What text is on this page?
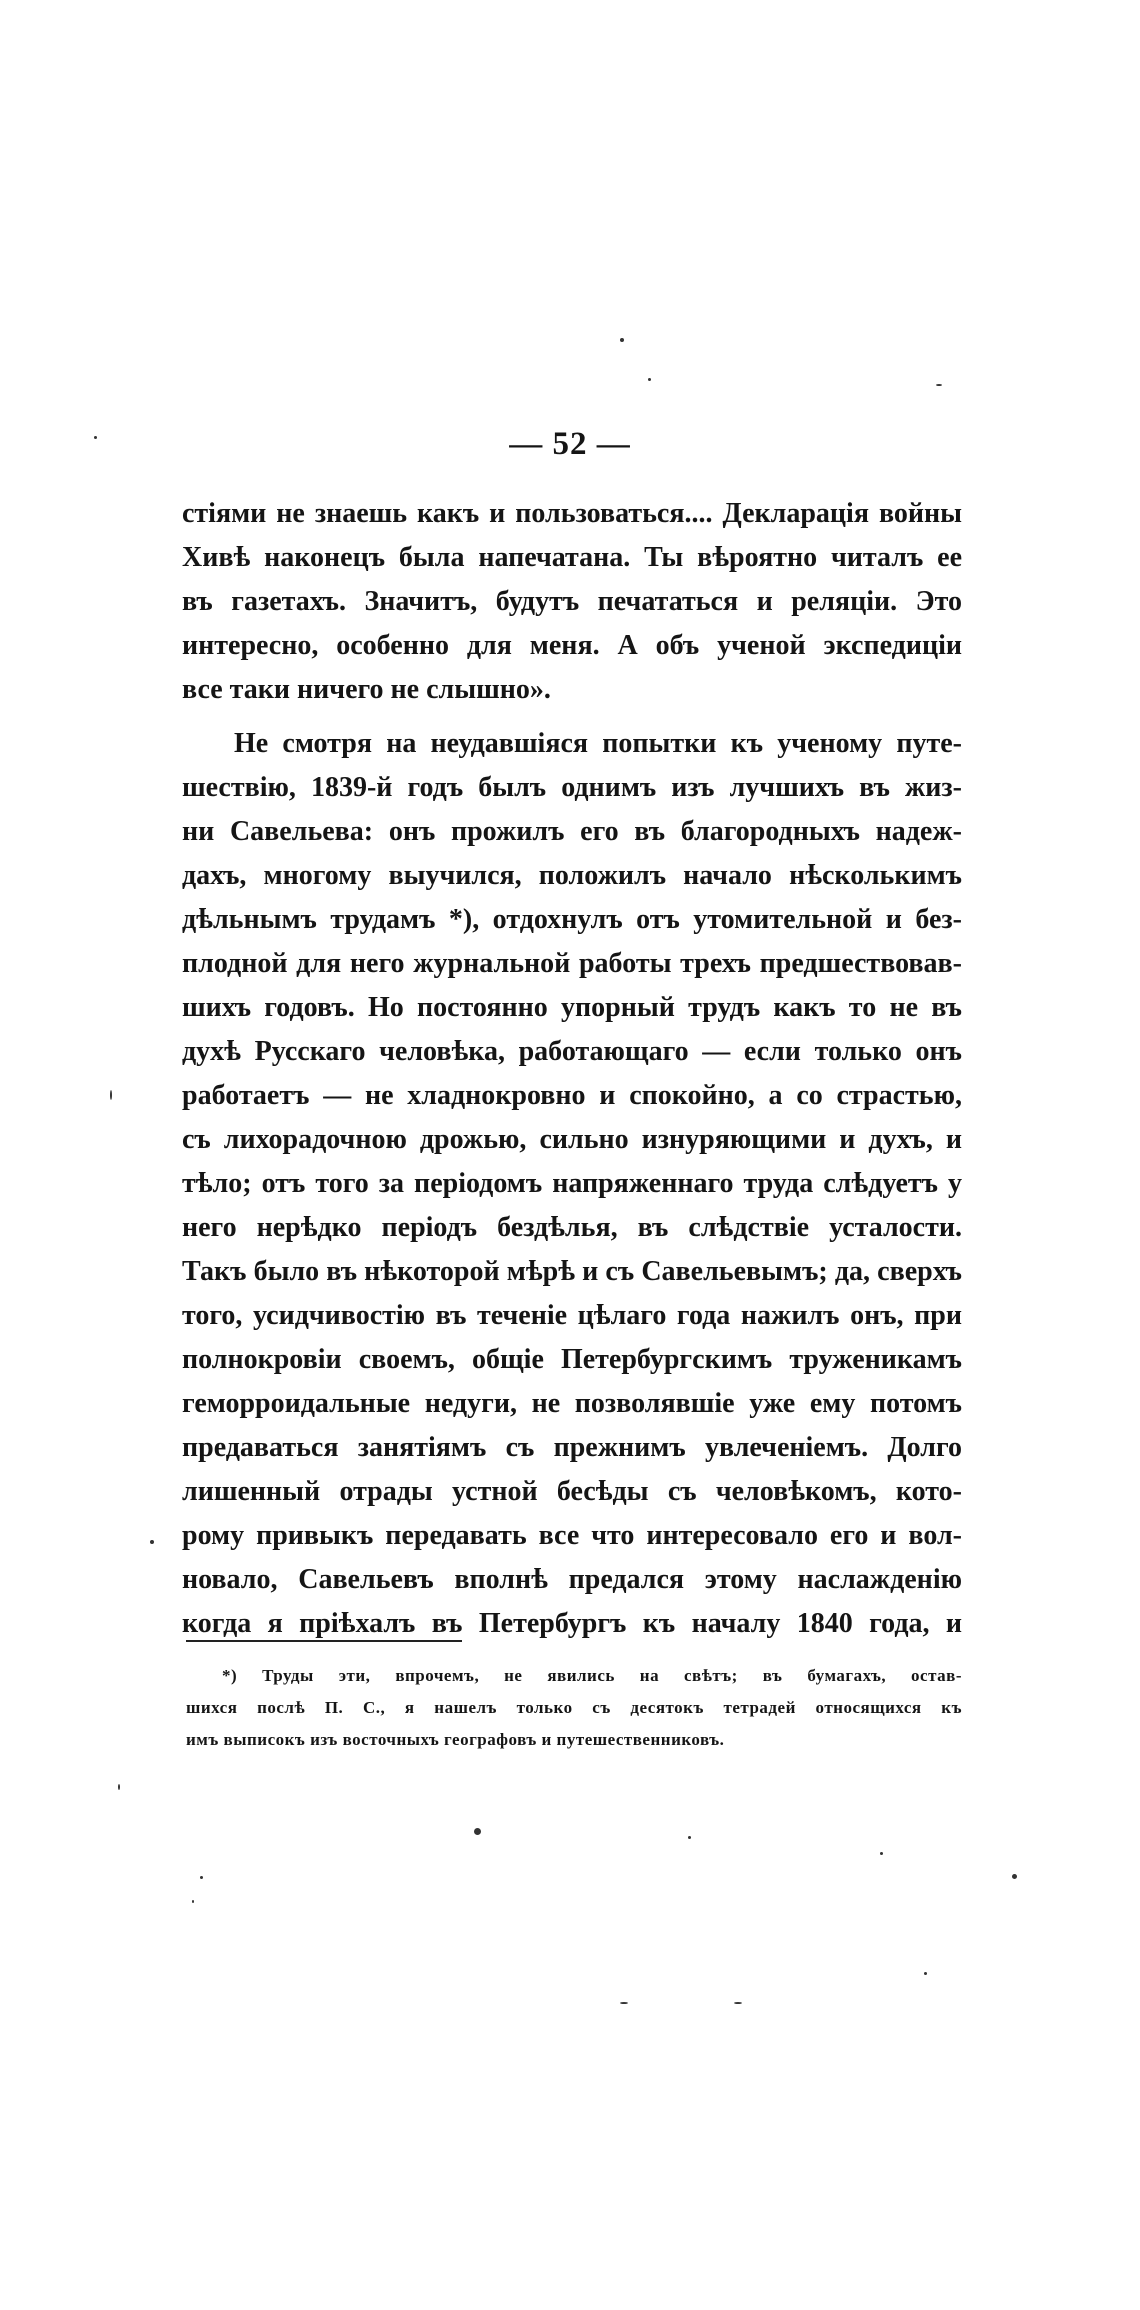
— 52 —
стіями не знаешь какъ и пользоваться.... Декларація войны
Хивѣ наконецъ была напечатана. Ты вѣроятно читалъ ее
въ газетахъ. Значитъ, будутъ печататься и реляціи. Это
интересно, особенно для меня. А объ ученой экспедиціи
все таки ничего не слышно».
Не смотря на неудавшіяся попытки къ ученому путе-
шествію, 1839-й годъ былъ однимъ изъ лучшихъ въ жиз-
ни Савельева: онъ прожилъ его въ благородныхъ надеж-
дахъ, многому выучился, положилъ начало нѣсколькимъ
дѣльнымъ трудамъ *), отдохнулъ отъ утомительной и без-
плодной для него журнальной работы трехъ предшествовав-
шихъ годовъ. Но постоянно упорный трудъ какъ то не въ
духѣ Русскаго человѣка, работающаго — если только онъ
работаетъ — не хладнокровно и спокойно, а со страстью,
съ лихорадочною дрожью, сильно изнуряющими и духъ, и
тѣло; отъ того за періодомъ напряженнаго труда слѣдуетъ у
него нерѣдко періодъ бездѣлья, въ слѣдствіе усталости.
Такъ было въ нѣкоторой мѣрѣ и съ Савельевымъ; да, сверхъ
того, усидчивостію въ теченіе цѣлаго года нажилъ онъ, при
полнокровіи своемъ, общіе Петербургскимъ труженикамъ
геморроидальные недуги, не позволявшіе уже ему потомъ
предаваться занятіямъ съ прежнимъ увлеченіемъ. Долго
лишенный отрады устной бесѣды съ человѣкомъ, кото-
рому привыкъ передавать все что интересовало его и вол-
новало, Савельевъ вполнѣ предался этому наслажденію
когда я пріѣхалъ въ Петербургъ къ началу 1840 года, и
*) Труды эти, впрочемъ, не явились на свѣтъ; въ бумагахъ, остав-
шихся послѣ П. С., я нашелъ только съ десятокъ тетрадей относящихся къ
имъ выписокъ изъ восточныхъ географовъ и путешественниковъ.
